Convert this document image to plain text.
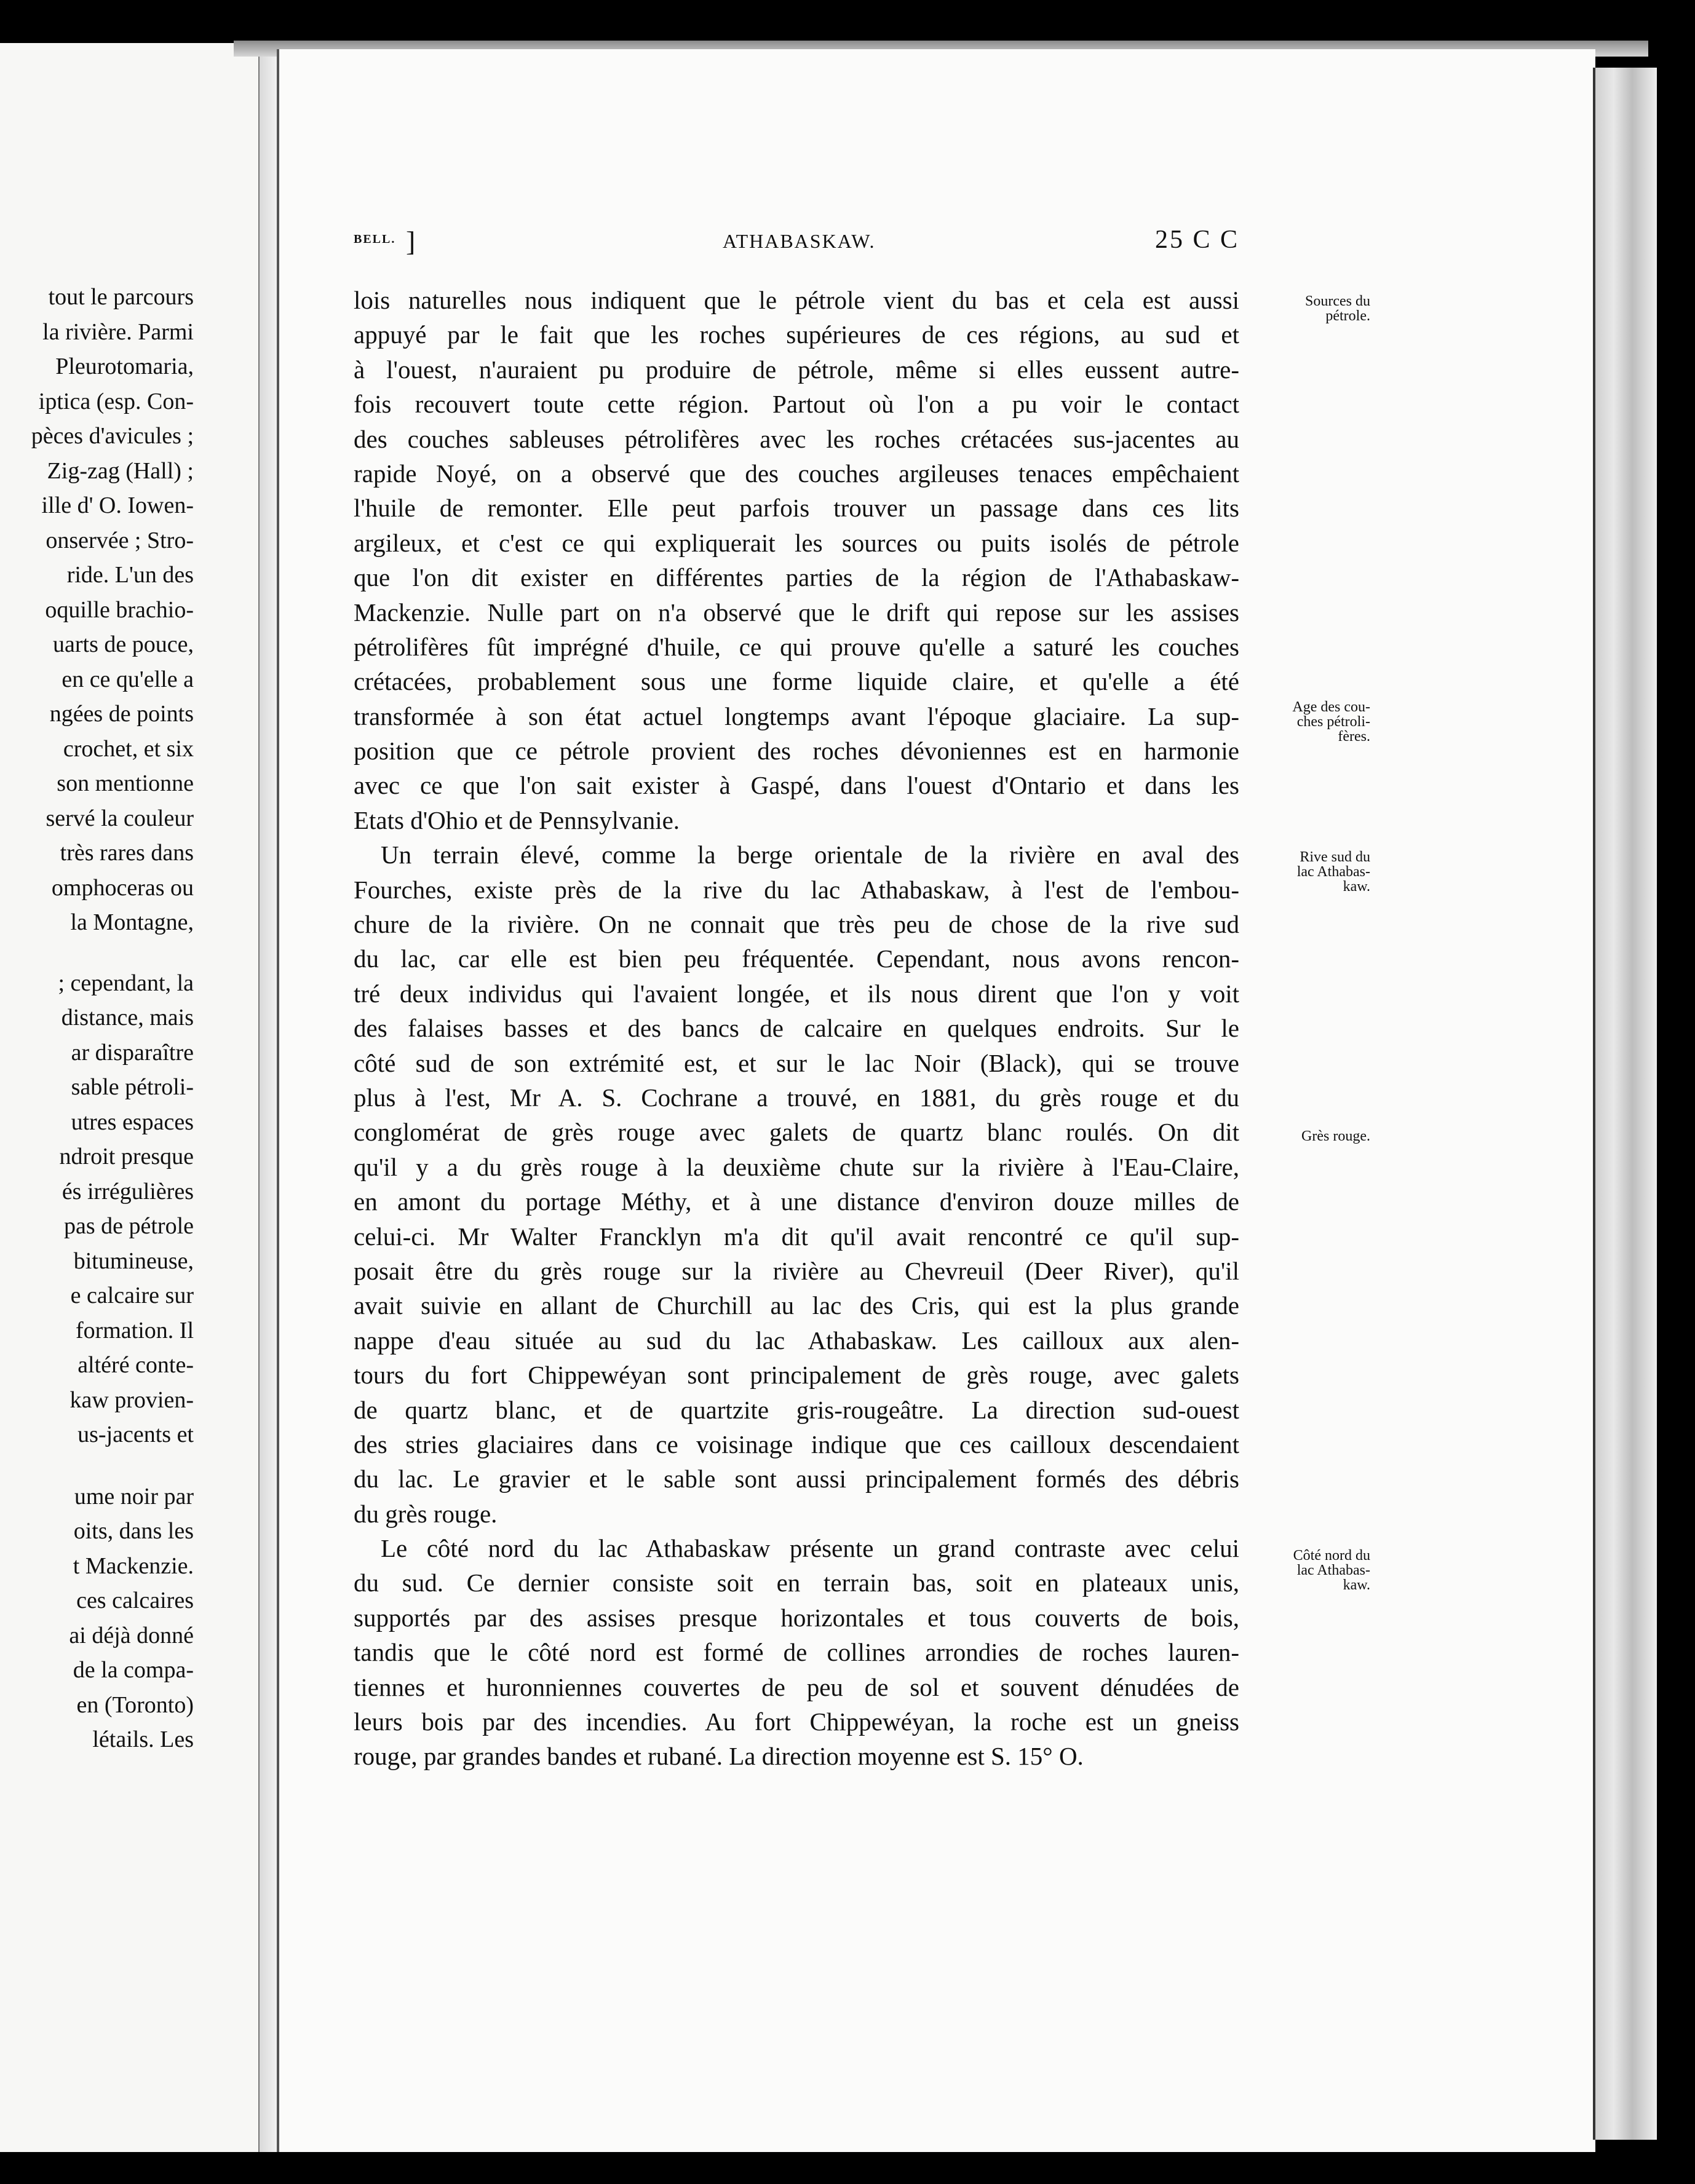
tout le parcours
la rivière. Parmi
Pleurotomaria,
iptica (esp. Con-
pèces d'avicules ;
Zig-zag (Hall) ;
ille d' O. Iowen-
onservée ; Stro-
ride. L'un des
oquille brachio-
uarts de pouce,
en ce qu'elle a
ngées de points
crochet, et six
son mentionne
servé la couleur
très rares dans
omphoceras ou
la Montagne,
; cependant, la
distance, mais
ar disparaître
sable pétroli-
utres espaces
ndroit presque
és irrégulières
pas de pétrole
bitumineuse,
e calcaire sur
formation. Il
altéré conte-
kaw provien-
us-jacents et
ume noir par
oits, dans les
t Mackenzie.
ces calcaires
ai déjà donné
de la compa-
en (Toronto)
létails. Les
BELL. ]	ATHABASKAW.	25 C C
lois naturelles nous indiquent que le pétrole vient du bas et cela est aussi
appuyé par le fait que les roches supérieures de ces régions, au sud et
à l'ouest, n'auraient pu produire de pétrole, même si elles eussent autre-
fois recouvert toute cette région. Partout où l'on a pu voir le contact
des couches sableuses pétrolifères avec les roches crétacées sus-jacentes au
rapide Noyé, on a observé que des couches argileuses tenaces empêchaient
l'huile de remonter. Elle peut parfois trouver un passage dans ces lits
argileux, et c'est ce qui expliquerait les sources ou puits isolés de pétrole
que l'on dit exister en différentes parties de la région de l'Athabaskaw-
Mackenzie. Nulle part on n'a observé que le drift qui repose sur les assises
pétrolifères fût imprégné d'huile, ce qui prouve qu'elle a saturé les couches
crétacées, probablement sous une forme liquide claire, et qu'elle a été
transformée à son état actuel longtemps avant l'époque glaciaire. La sup-
position que ce pétrole provient des roches dévoniennes est en harmonie
avec ce que l'on sait exister à Gaspé, dans l'ouest d'Ontario et dans les
Etats d'Ohio et de Pennsylvanie.
Un terrain élevé, comme la berge orientale de la rivière en aval des
Fourches, existe près de la rive du lac Athabaskaw, à l'est de l'embou-
chure de la rivière. On ne connait que très peu de chose de la rive sud
du lac, car elle est bien peu fréquentée. Cependant, nous avons rencon-
tré deux individus qui l'avaient longée, et ils nous dirent que l'on y voit
des falaises basses et des bancs de calcaire en quelques endroits. Sur le
côté sud de son extrémité est, et sur le lac Noir (Black), qui se trouve
plus à l'est, Mr A. S. Cochrane a trouvé, en 1881, du grès rouge et du
conglomérat de grès rouge avec galets de quartz blanc roulés. On dit
qu'il y a du grès rouge à la deuxième chute sur la rivière à l'Eau-Claire,
en amont du portage Méthy, et à une distance d'environ douze milles de
celui-ci. Mr Walter Francklyn m'a dit qu'il avait rencontré ce qu'il sup-
posait être du grès rouge sur la rivière au Chevreuil (Deer River), qu'il
avait suivie en allant de Churchill au lac des Cris, qui est la plus grande
nappe d'eau située au sud du lac Athabaskaw. Les cailloux aux alen-
tours du fort Chippewéyan sont principalement de grès rouge, avec galets
de quartz blanc, et de quartzite gris-rougeâtre. La direction sud-ouest
des stries glaciaires dans ce voisinage indique que ces cailloux descendaient
du lac. Le gravier et le sable sont aussi principalement formés des débris
du grès rouge.
Le côté nord du lac Athabaskaw présente un grand contraste avec celui
du sud. Ce dernier consiste soit en terrain bas, soit en plateaux unis,
supportés par des assises presque horizontales et tous couverts de bois,
tandis que le côté nord est formé de collines arrondies de roches lauren-
tiennes et huronniennes couvertes de peu de sol et souvent dénudées de
leurs bois par des incendies. Au fort Chippewéyan, la roche est un gneiss
rouge, par grandes bandes et rubané. La direction moyenne est S. 15° O.
Sources du
pétrole.
Age des cou-
ches pétroli-
fères.
Rive sud du
lac Athabas-
kaw.
Grès rouge.
Côté nord du
lac Athabas-
kaw.
